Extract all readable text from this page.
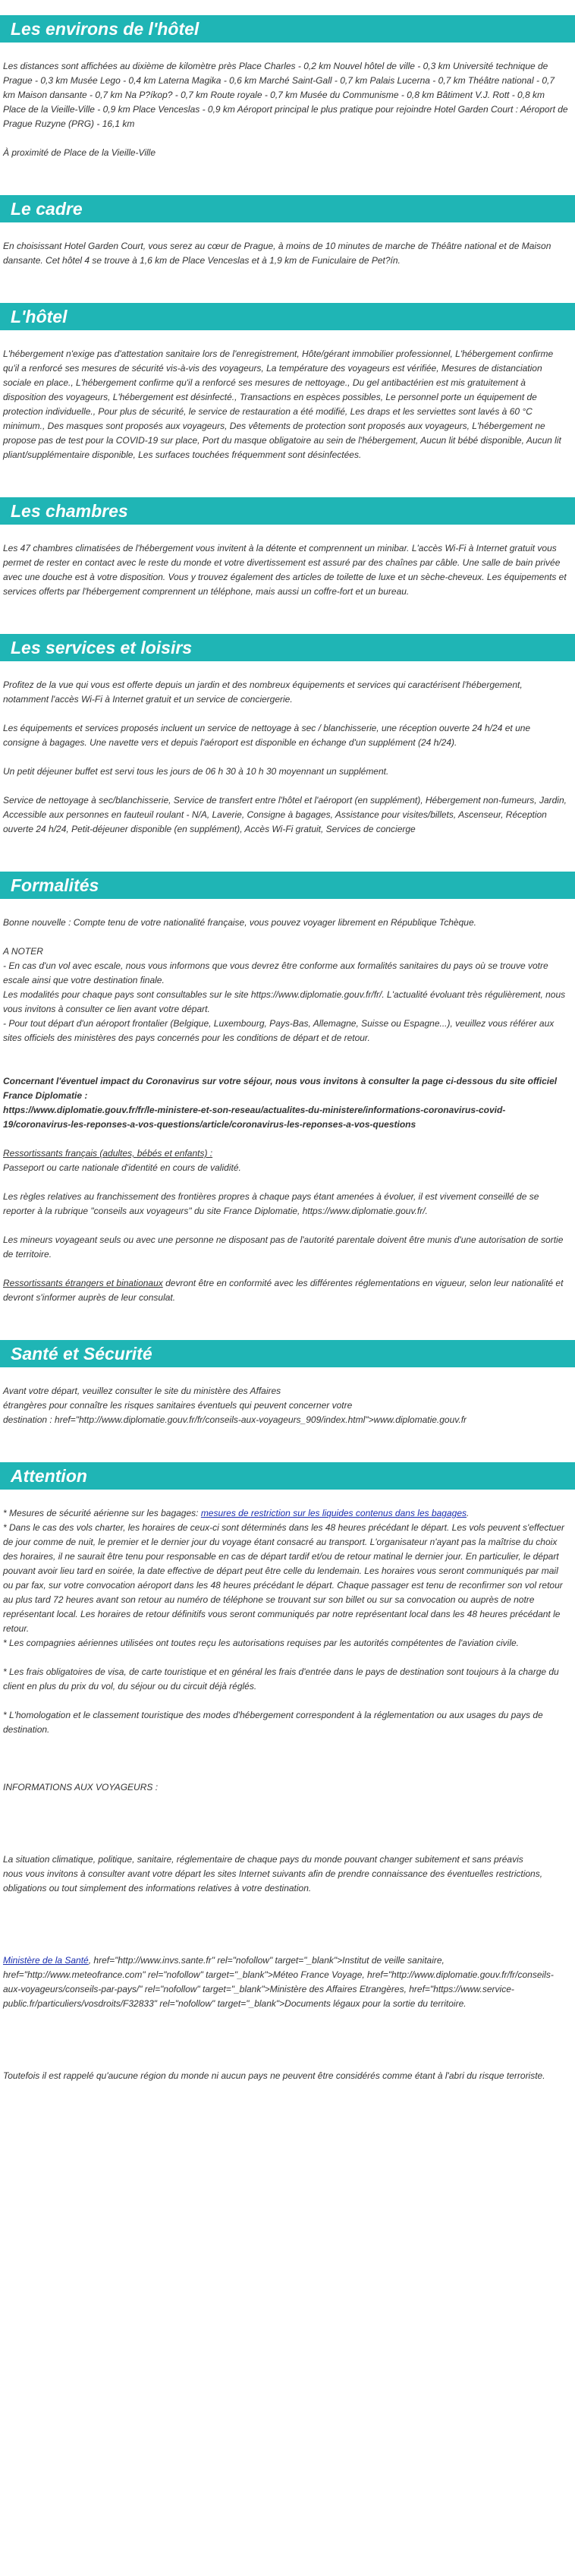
Les environs de l'hôtel

Les distances sont affichées au dixième de kilomètre près Place Charles - 0,2 km Nouvel hôtel de ville - 0,3 km Université technique de Prague - 0,3 km Musée Lego - 0,4 km Laterna Magika - 0,6 km Marché Saint-Gall - 0,7 km Palais Lucerna - 0,7 km Théâtre national - 0,7 km Maison dansante - 0,7 km Na P?íkop? - 0,7 km Route royale - 0,7 km Musée du Communisme - 0,8 km Bâtiment V.J. Rott - 0,8 km Place de la Vieille-Ville - 0,9 km Place Venceslas - 0,9 km Aéroport principal le plus pratique pour rejoindre Hotel Garden Court : Aéroport de Prague Ruzyne (PRG) - 16,1 km

À proximité de Place de la Vieille-Ville

Le cadre

En choisissant Hotel Garden Court, vous serez au cœur de Prague, à moins de 10 minutes de marche de Théâtre national et de Maison dansante. Cet hôtel 4 se trouve à 1,6 km de Place Venceslas et à 1,9 km de Funiculaire de Pet?ín.

L'hôtel

L'hébergement n'exige pas d'attestation sanitaire lors de l'enregistrement, Hôte/gérant immobilier professionnel, L'hébergement confirme qu'il a renforcé ses mesures de sécurité vis-à-vis des voyageurs, La température des voyageurs est vérifiée, Mesures de distanciation sociale en place., L'hébergement confirme qu'il a renforcé ses mesures de nettoyage., Du gel antibactérien est mis gratuitement à disposition des voyageurs, L'hébergement est désinfecté., Transactions en espèces possibles, Le personnel porte un équipement de protection individuelle., Pour plus de sécurité, le service de restauration a été modifié, Les draps et les serviettes sont lavés à 60 °C minimum., Des masques sont proposés aux voyageurs, Des vêtements de protection sont proposés aux voyageurs, L'hébergement ne propose pas de test pour la COVID-19 sur place, Port du masque obligatoire au sein de l'hébergement, Aucun lit bébé disponible, Aucun lit pliant/supplémentaire disponible, Les surfaces touchées fréquemment sont désinfectées.

Les chambres

Les 47 chambres climatisées de l'hébergement vous invitent à la détente et comprennent un minibar. L'accès Wi-Fi à Internet gratuit vous permet de rester en contact avec le reste du monde et votre divertissement est assuré par des chaînes par câble. Une salle de bain privée avec une douche est à votre disposition. Vous y trouvez également des articles de toilette de luxe et un sèche-cheveux. Les équipements et services offerts par l'hébergement comprennent un téléphone, mais aussi un coffre-fort et un bureau.

Les services et loisirs

Profitez de la vue qui vous est offerte depuis un jardin et des nombreux équipements et services qui caractérisent l'hébergement, notamment l'accès Wi-Fi à Internet gratuit et un service de conciergerie.

Les équipements et services proposés incluent un service de nettoyage à sec / blanchisserie, une réception ouverte 24 h/24 et une consigne à bagages. Une navette vers et depuis l'aéroport est disponible en échange d'un supplément (24 h/24).

Un petit déjeuner buffet est servi tous les jours de 06 h 30 à 10 h 30 moyennant un supplément.

Service de nettoyage à sec/blanchisserie, Service de transfert entre l'hôtel et l'aéroport (en supplément), Hébergement non-fumeurs, Jardin, Accessible aux personnes en fauteuil roulant - N/A, Laverie, Consigne à bagages, Assistance pour visites/billets, Ascenseur, Réception ouverte 24 h/24, Petit-déjeuner disponible (en supplément), Accès Wi-Fi gratuit, Services de concierge

Formalités

Bonne nouvelle : Compte tenu de votre nationalité française, vous pouvez voyager librement en République Tchèque.

A NOTER
- En cas d'un vol avec escale, nous vous informons que vous devrez être conforme aux formalités sanitaires du pays où se trouve votre escale ainsi que votre destination finale.
Les modalités pour chaque pays sont consultables sur le site https://www.diplomatie.gouv.fr/fr/. L'actualité évoluant très régulièrement, nous vous invitons à consulter ce lien avant votre départ.
- Pour tout départ d'un aéroport frontalier (Belgique, Luxembourg, Pays-Bas, Allemagne, Suisse ou Espagne...), veuillez vous référer aux sites officiels des ministères des pays concernés pour les conditions de départ et de retour.

Concernant l'éventuel impact du Coronavirus sur votre séjour, nous vous invitons à consulter la page ci-dessous du site officiel France Diplomatie :
https://www.diplomatie.gouv.fr/fr/le-ministere-et-son-reseau/actualites-du-ministere/informations-coronavirus-covid-19/coronavirus-les-reponses-a-vos-questions/article/coronavirus-les-reponses-a-vos-questions

Ressortissants français (adultes, bébés et enfants) :

Passeport ou carte nationale d'identité en cours de validité.

Les règles relatives au franchissement des frontières propres à chaque pays étant amenées à évoluer, il est vivement conseillé de se reporter à la rubrique "conseils aux voyageurs" du site France Diplomatie, https://www.diplomatie.gouv.fr/.

Les mineurs voyageant seuls ou avec une personne ne disposant pas de l'autorité parentale doivent être munis d'une autorisation de sortie de territoire.

Ressortissants étrangers et binationaux devront être en conformité avec les différentes réglementations en vigueur, selon leur nationalité et devront s'informer auprès de leur consulat.

Santé et Sécurité

Avant votre départ, veuillez consulter le site du ministère des Affaires
étrangères pour connaître les risques sanitaires éventuels qui peuvent concerner votre
destination : href="http://www.diplomatie.gouv.fr/fr/conseils-aux-voyageurs_909/index.html">www.diplomatie.gouv.fr

Attention

* Mesures de sécurité aérienne sur les bagages: mesures de restriction sur les liquides contenus dans les bagages.
* Dans le cas des vols charter, les horaires de ceux-ci sont déterminés dans les 48 heures précédant le départ. Les vols peuvent s'effectuer de jour comme de nuit, le premier et le dernier jour du voyage étant consacré au transport. L'organisateur n'ayant pas la maîtrise du choix des horaires, il ne saurait être tenu pour responsable en cas de départ tardif et/ou de retour matinal le dernier jour. En particulier, le départ pouvant avoir lieu tard en soirée, la date effective de départ peut être celle du lendemain. Les horaires vous seront communiqués par mail ou par fax, sur votre convocation aéroport dans les 48 heures précédant le départ. Chaque passager est tenu de reconfirmer son vol retour au plus tard 72 heures avant son retour au numéro de téléphone se trouvant sur son billet ou sur sa convocation ou auprès de notre représentant local. Les horaires de retour définitifs vous seront communiqués par notre représentant local dans les 48 heures précédant le retour.
* Les compagnies aériennes utilisées ont toutes reçu les autorisations requises par les autorités compétentes de l'aviation civile.

* Les frais obligatoires de visa, de carte touristique et en général les frais d'entrée dans le pays de destination sont toujours à la charge du client en plus du prix du vol, du séjour ou du circuit déjà réglés.

* L'homologation et le classement touristique des modes d'hébergement correspondent à la réglementation ou aux usages du pays de destination.

INFORMATIONS AUX VOYAGEURS :

La situation climatique, politique, sanitaire, réglementaire de chaque pays du monde pouvant changer subitement et sans préavis
nous vous invitons à consulter avant votre départ les sites Internet suivants afin de prendre connaissance des éventuelles restrictions, obligations ou tout simplement des informations relatives à votre destination.

Ministère de la Santé, href="http://www.invs.sante.fr" rel="nofollow" target="_blank">Institut de veille sanitaire, href="http://www.meteofrance.com" rel="nofollow" target="_blank">Méteo France Voyage, href="http://www.diplomatie.gouv.fr/fr/conseils-aux-voyageurs/conseils-par-pays/" rel="nofollow" target="_blank">Ministère des Affaires Etrangères, href="https://www.service-public.fr/particuliers/vosdroits/F32833" rel="nofollow" target="_blank">Documents légaux pour la sortie du territoire.

Toutefois il est rappelé qu'aucune région du monde ni aucun pays ne peuvent être considérés comme étant à l'abri du risque terroriste.
